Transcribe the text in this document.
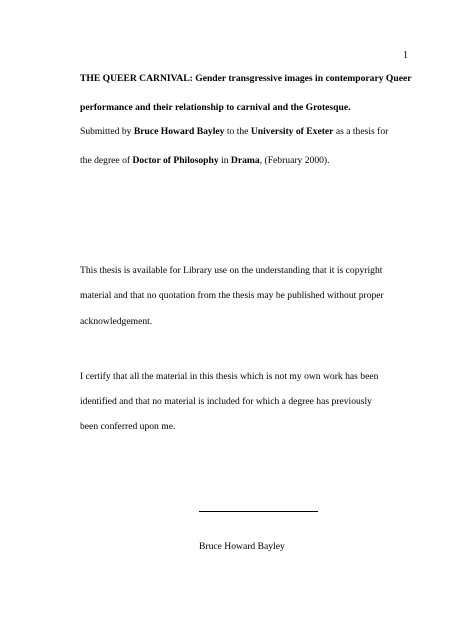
1
THE QUEER CARNIVAL: Gender transgressive images in contemporary Queer
performance and their relationship to carnival and the Grotesque.
Submitted by Bruce Howard Bayley to the University of Exeter as a thesis for
the degree of Doctor of Philosophy in Drama, (February 2000).
This thesis is available for Library use on the understanding that it is copyright
material and that no quotation from the thesis may be published without proper
acknowledgement.
I certify that all the material in this thesis which is not my own work has been
identified and that no material is included for which a degree has previously
been conferred upon me.
Bruce Howard Bayley
